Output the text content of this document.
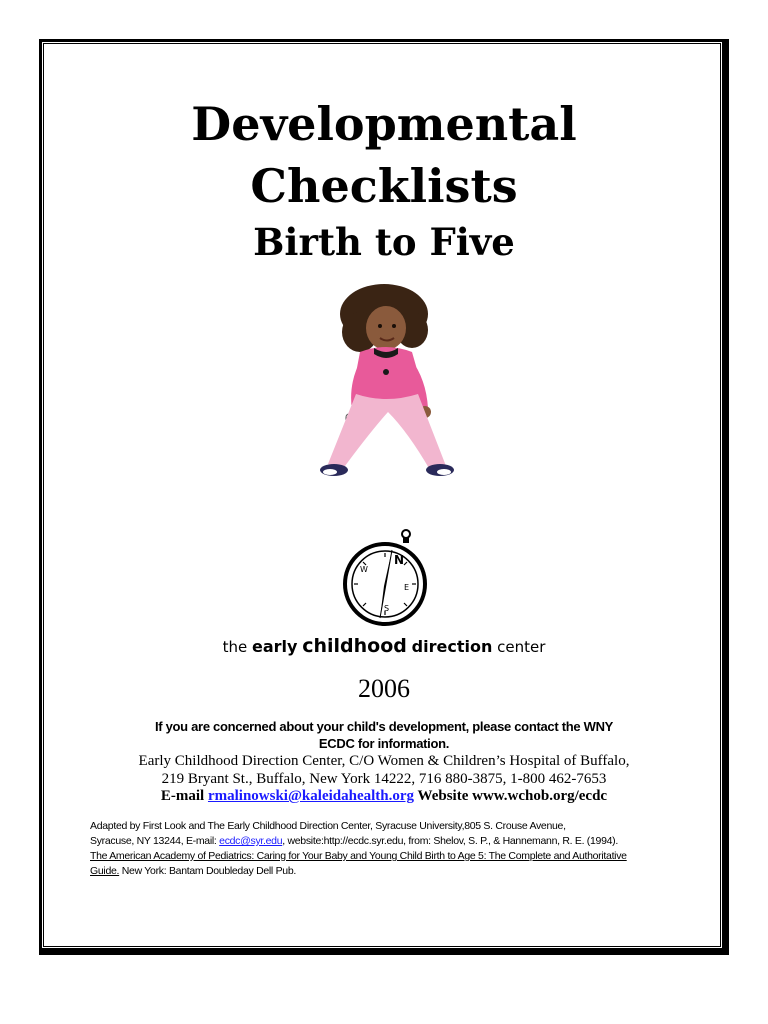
Developmental
Checklists
Birth to Five
N
E
S
W
the early childhood direction center
2006
If you are concerned about your child's development, please contact the WNY
ECDC for information.
Early Childhood Direction Center, C/O Women & Children’s Hospital of Buffalo,
219 Bryant St., Buffalo, New York 14222, 716 880-3875, 1-800 462-7653
E-mail rmalinowski@kaleidahealth.org Website www.wchob.org/ecdc
Adapted by First Look and The Early Childhood Direction Center, Syracuse University,805 S. Crouse Avenue,
Syracuse, NY 13244, E-mail: ecdc@syr.edu, website:http://ecdc.syr.edu, from: Shelov, S. P., & Hannemann, R. E. (1994).
The American Academy of Pediatrics: Caring for Your Baby and Young Child Birth to Age 5: The Complete and Authoritative
Guide. New York: Bantam Doubleday Dell Pub.
